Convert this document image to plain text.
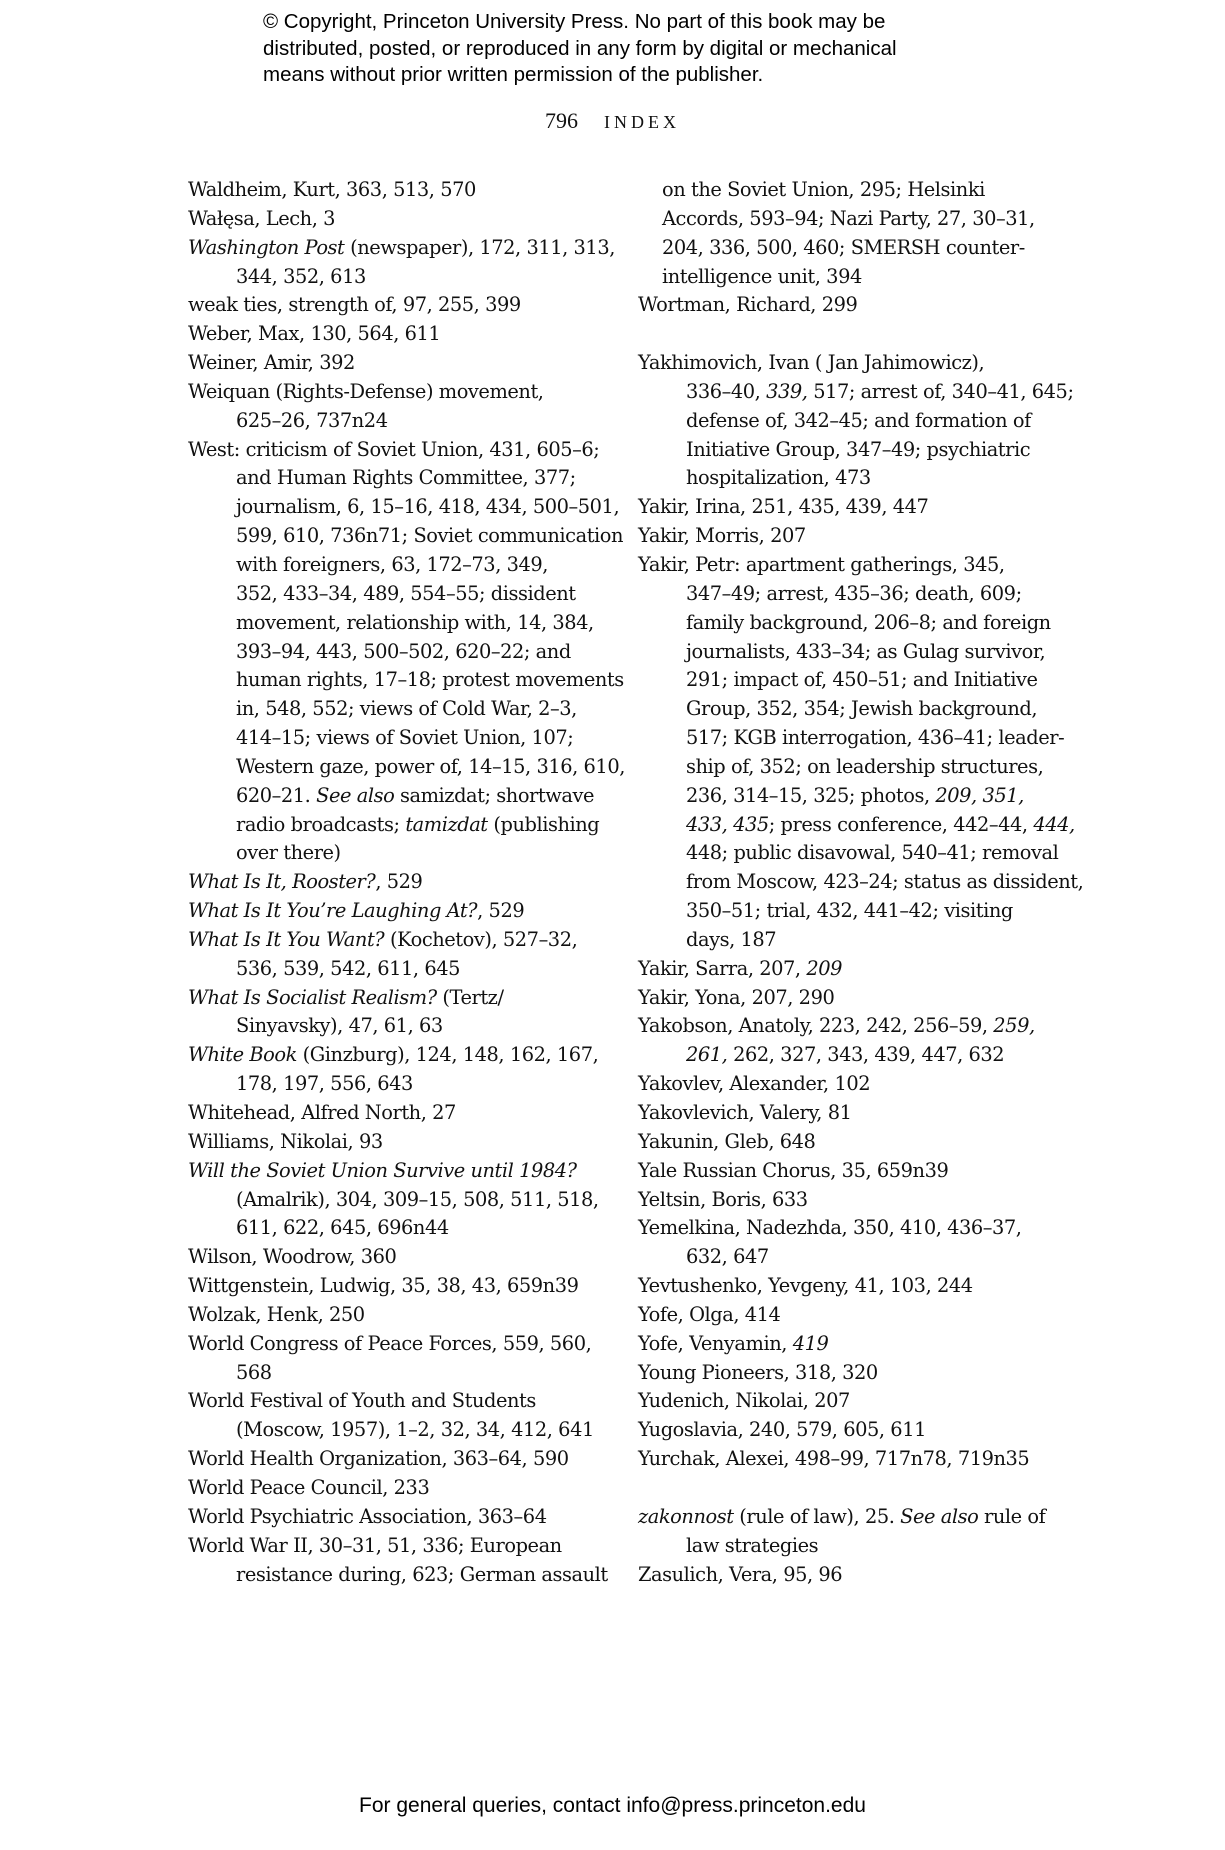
© Copyright, Princeton University Press. No part of this book may be
distributed, posted, or reproduced in any form by digital or mechanical
means without prior written permission of the publisher.
796 INDEX
Waldheim, Kurt, 363, 513, 570
Wałęsa, Lech, 3
Washington Post (newspaper), 172, 311, 313,
344, 352, 613
weak ties, strength of, 97, 255, 399
Weber, Max, 130, 564, 611
Weiner, Amir, 392
Weiquan (Rights-Defense) movement,
625–26, 737n24
West: criticism of Soviet Union, 431, 605–6;
and Human Rights Committee, 377;
journalism, 6, 15–16, 418, 434, 500–501,
599, 610, 736n71; Soviet communication
with foreigners, 63, 172–73, 349,
352, 433–34, 489, 554–55; dissident
movement, relationship with, 14, 384,
393–94, 443, 500–502, 620–22; and
human rights, 17–18; protest movements
in, 548, 552; views of Cold War, 2–3,
414–15; views of Soviet Union, 107;
Western gaze, power of, 14–15, 316, 610,
620–21. See also samizdat; shortwave
radio broadcasts; tamizdat (publishing
over there)
What Is It, Rooster?, 529
What Is It You’re Laughing At?, 529
What Is It You Want? (Kochetov), 527–32,
536, 539, 542, 611, 645
What Is Socialist Realism? (Tertz/
Sinyavsky), 47, 61, 63
White Book (Ginzburg), 124, 148, 162, 167,
178, 197, 556, 643
Whitehead, Alfred North, 27
Williams, Nikolai, 93
Will the Soviet Union Survive until 1984?
(Amalrik), 304, 309–15, 508, 511, 518,
611, 622, 645, 696n44
Wilson, Woodrow, 360
Wittgenstein, Ludwig, 35, 38, 43, 659n39
Wolzak, Henk, 250
World Congress of Peace Forces, 559, 560,
568
World Festival of Youth and Students
(Moscow, 1957), 1–2, 32, 34, 412, 641
World Health Organization, 363–64, 590
World Peace Council, 233
World Psychiatric Association, 363–64
World War II, 30–31, 51, 336; European
resistance during, 623; German assault
on the Soviet Union, 295; Helsinki
Accords, 593–94; Nazi Party, 27, 30–31,
204, 336, 500, 460; SMERSH counter-
intelligence unit, 394
Wortman, Richard, 299
Yakhimovich, Ivan ( Jan Jahimowicz),
336–40, 339, 517; arrest of, 340–41, 645;
defense of, 342–45; and formation of
Initiative Group, 347–49; psychiatric
hospitalization, 473
Yakir, Irina, 251, 435, 439, 447
Yakir, Morris, 207
Yakir, Petr: apartment gatherings, 345,
347–49; arrest, 435–36; death, 609;
family background, 206–8; and foreign
journalists, 433–34; as Gulag survivor,
291; impact of, 450–51; and Initiative
Group, 352, 354; Jewish background,
517; KGB interrogation, 436–41; leader-
ship of, 352; on leadership structures,
236, 314–15, 325; photos, 209, 351,
433, 435; press conference, 442–44, 444,
448; public disavowal, 540–41; removal
from Moscow, 423–24; status as dissident,
350–51; trial, 432, 441–42; visiting
days, 187
Yakir, Sarra, 207, 209
Yakir, Yona, 207, 290
Yakobson, Anatoly, 223, 242, 256–59, 259,
261, 262, 327, 343, 439, 447, 632
Yakovlev, Alexander, 102
Yakovlevich, Valery, 81
Yakunin, Gleb, 648
Yale Russian Chorus, 35, 659n39
Yeltsin, Boris, 633
Yemelkina, Nadezhda, 350, 410, 436–37,
632, 647
Yevtushenko, Yevgeny, 41, 103, 244
Yofe, Olga, 414
Yofe, Venyamin, 419
Young Pioneers, 318, 320
Yudenich, Nikolai, 207
Yugoslavia, 240, 579, 605, 611
Yurchak, Alexei, 498–99, 717n78, 719n35
zakonnost (rule of law), 25. See also rule of
law strategies
Zasulich, Vera, 95, 96
For general queries, contact info@press.princeton.edu
